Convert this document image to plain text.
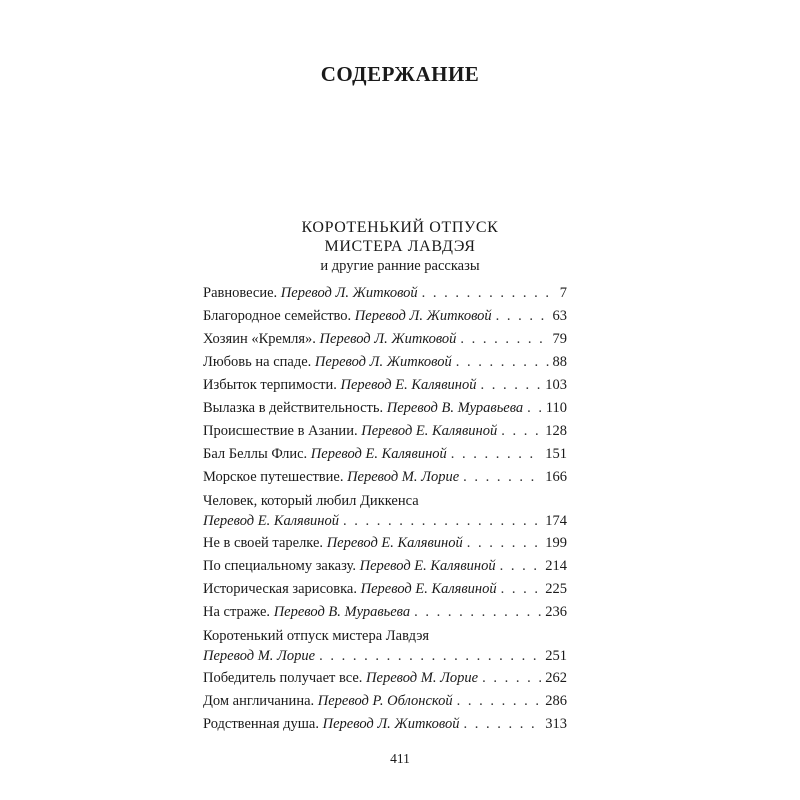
СОДЕРЖАНИЕ
КОРОТЕНЬКИЙ ОТПУСК
МИСТЕРА ЛАВДЭЯ
и другие ранние рассказы
Равновесие. Перевод Л. Житковой . . .	7
Благородное семейство. Перевод Л. Житковой . . .	63
Хозяин «Кремля». Перевод Л. Житковой . . .	79
Любовь на спаде. Перевод Л. Житковой . . .	88
Избыток терпимости. Перевод Е. Калявиной . . .	103
Вылазка в действительность. Перевод В. Муравьева . . . 110
Происшествие в Азании. Перевод Е. Калявиной . . .	128
Бал Беллы Флис. Перевод Е. Калявиной . . .	151
Морское путешествие. Перевод М. Лорие . . .	166
Человек, который любил Диккенса
Перевод Е. Калявиной . . .	174
Не в своей тарелке. Перевод Е. Калявиной . . .	199
По специальному заказу. Перевод Е. Калявиной . . .	214
Историческая зарисовка. Перевод Е. Калявиной . . .	225
На страже. Перевод В. Муравьева . . .	236
Коротенький отпуск мистера Лавдэя
Перевод М. Лорие . . .	251
Победитель получает все. Перевод М. Лорие . . .	262
Дом англичанина. Перевод Р. Облонской . . .	286
Родственная душа. Перевод Л. Житковой . . .	313
411
